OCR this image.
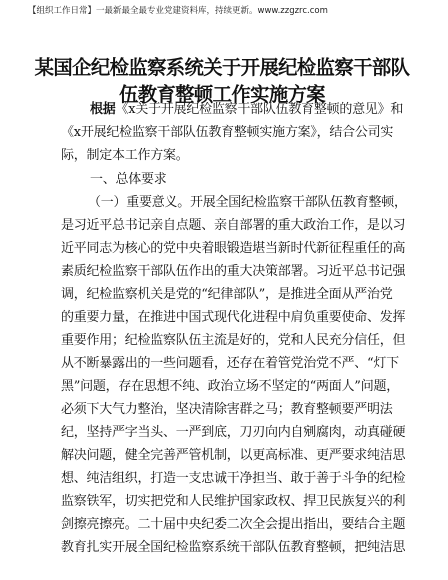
【组织工作日常】一最新最全最专业党建资料库，持续更新。www.zzgzrc.com
某国企纪检监察系统关于开展纪检监察干部队
伍教育整顿工作实施方案
根据《x关于开展纪检监察干部队伍教育整顿的意见》和
《x开展纪检监察干部队伍教育整顿实施方案》，结合公司实
际，制定本工作方案。
一、总体要求
（一）重要意义。开展全国纪检监察干部队伍教育整顿，
是习近平总书记亲自点题、亲自部署的重大政治工作，是以习
近平同志为核心的党中央着眼锻造堪当新时代新征程重任的高
素质纪检监察干部队伍作出的重大决策部署。习近平总书记强
调，纪检监察机关是党的“纪律部队”，是推进全面从严治党
的重要力量，在推进中国式现代化进程中肩负重要使命、发挥
重要作用；纪检监察队伍主流是好的，党和人民充分信任，但
从不断暴露出的一些问题看，还存在着管党治党不严、“灯下
黑”问题，存在思想不纯、政治立场不坚定的“两面人”问题，
必须下大气力整治，坚决清除害群之马；教育整顿要严明法
纪，坚持严字当头、一严到底，刀刃向内自剜腐肉，动真碰硬
解决问题，健全完善严管机制，以更高标准、更严要求纯洁思
想、纯洁组织，打造一支忠诚干净担当、敢于善于斗争的纪检
监察铁军，切实把党和人民维护国家政权、捍卫民族复兴的利
剑擦亮擦亮。二十届中央纪委二次全会提出指出，要结合主题
教育扎实开展全国纪检监察系统干部队伍教育整顿，把纯洁思
